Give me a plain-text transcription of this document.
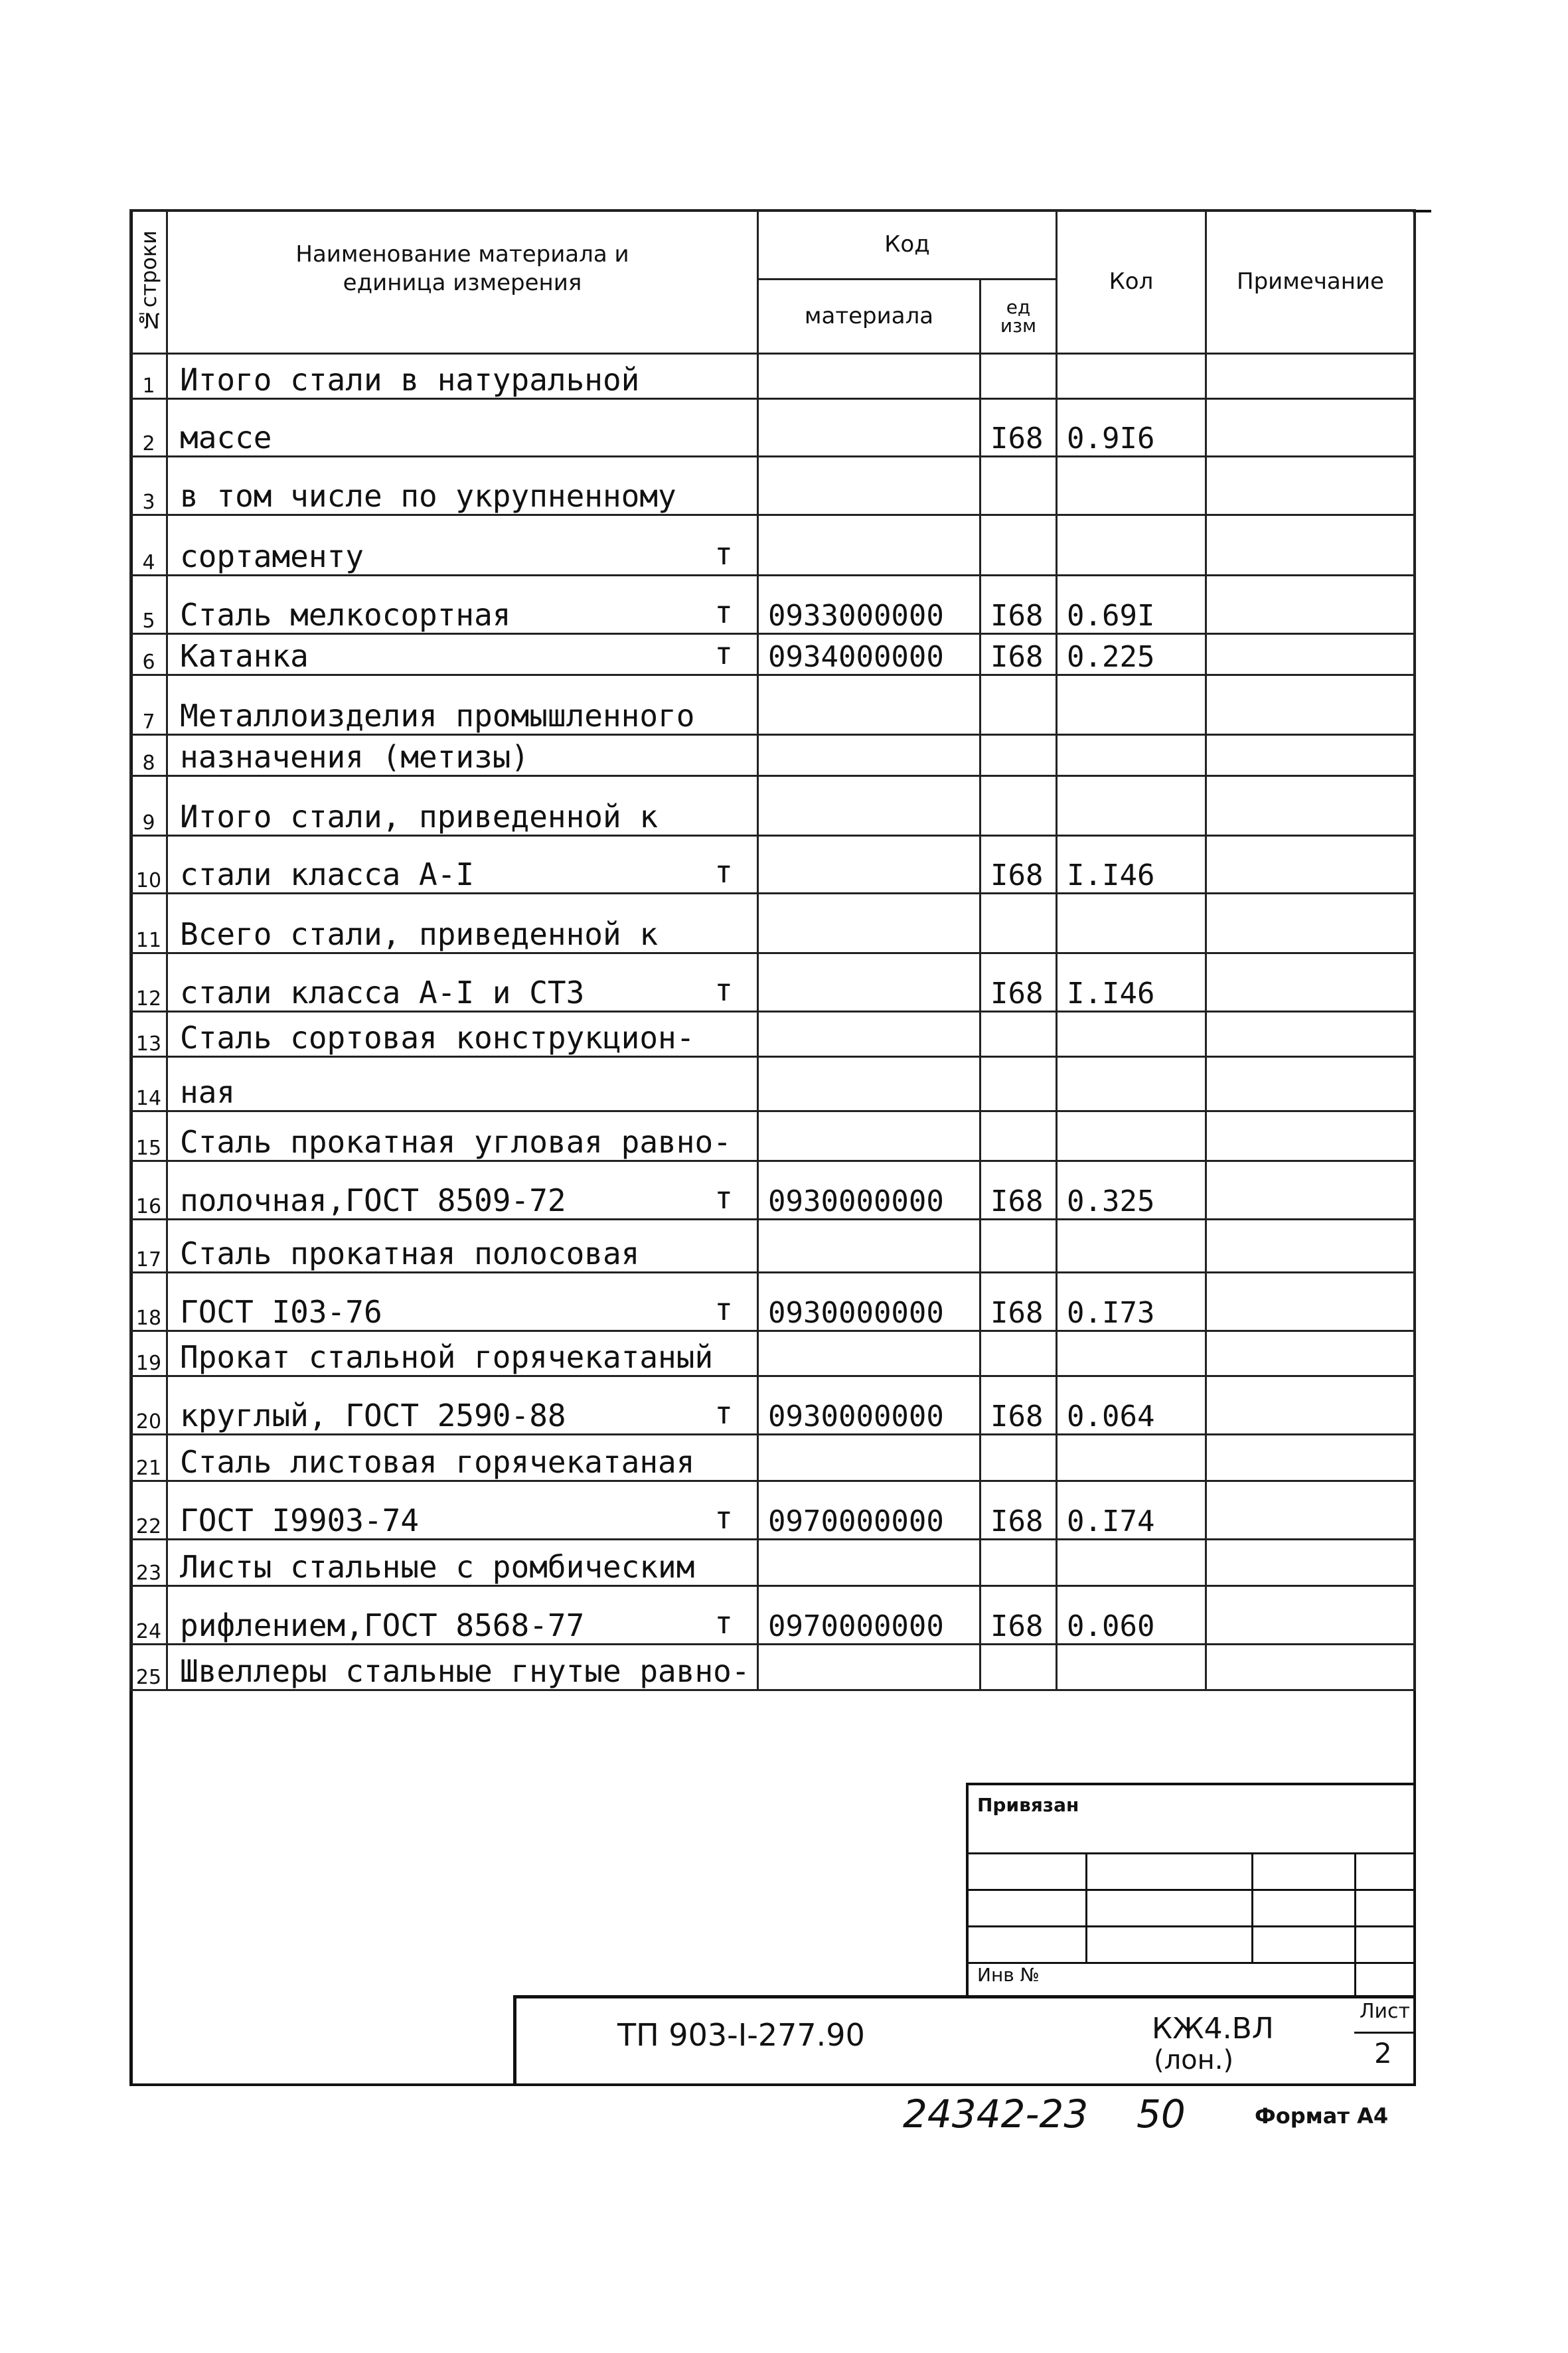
№строки	Наименование материала и единица измерения	Код		Кол	Примечание
		материала	ед изм		
1	Итого стали в натуральной

2	массе		I68	0.9I6	
3	в том числе по укрупненному

4	сортаменту т				

5	Сталь мелкосортная т	0933000000	I68	0.69I	
6	Катанка т	0934000000	I68	0.225	
7	Металлоизделия промышленного

8	назначения (метизы)

9	Итого стали, приведенной к

10	стали класса А-I т		I68	I.I46	
11	Всего стали, приведенной к

12	стали класса А-I и СТ3 т		I68	I.I46	
13	Сталь сортовая конструкцион-

14	ная

15	Сталь прокатная угловая равно-

16	полочная,ГОСТ 8509-72 т	0930000000	I68	0.325	
17	Сталь прокатная полосовая

18	ГОСТ I03-76 т	0930000000	I68	0.I73	
19	Прокат стальной горячекатаный

20	круглый, ГОСТ 2590-88 т	0930000000	I68	0.064	
21	Сталь листовая горячекатаная

22	ГОСТ I9903-74 т	0970000000	I68	0.I74	
23	Листы стальные с ромбическим

24	рифлением,ГОСТ 8568-77 т	0970000000	I68	0.060	
25	Швеллеры стальные гнутые равно-

Привязан
Инв №
ТП 903-I-277.90	КЖ4.ВЛ
(лон.)
Лист
2
24342-23 50	Формат А4
